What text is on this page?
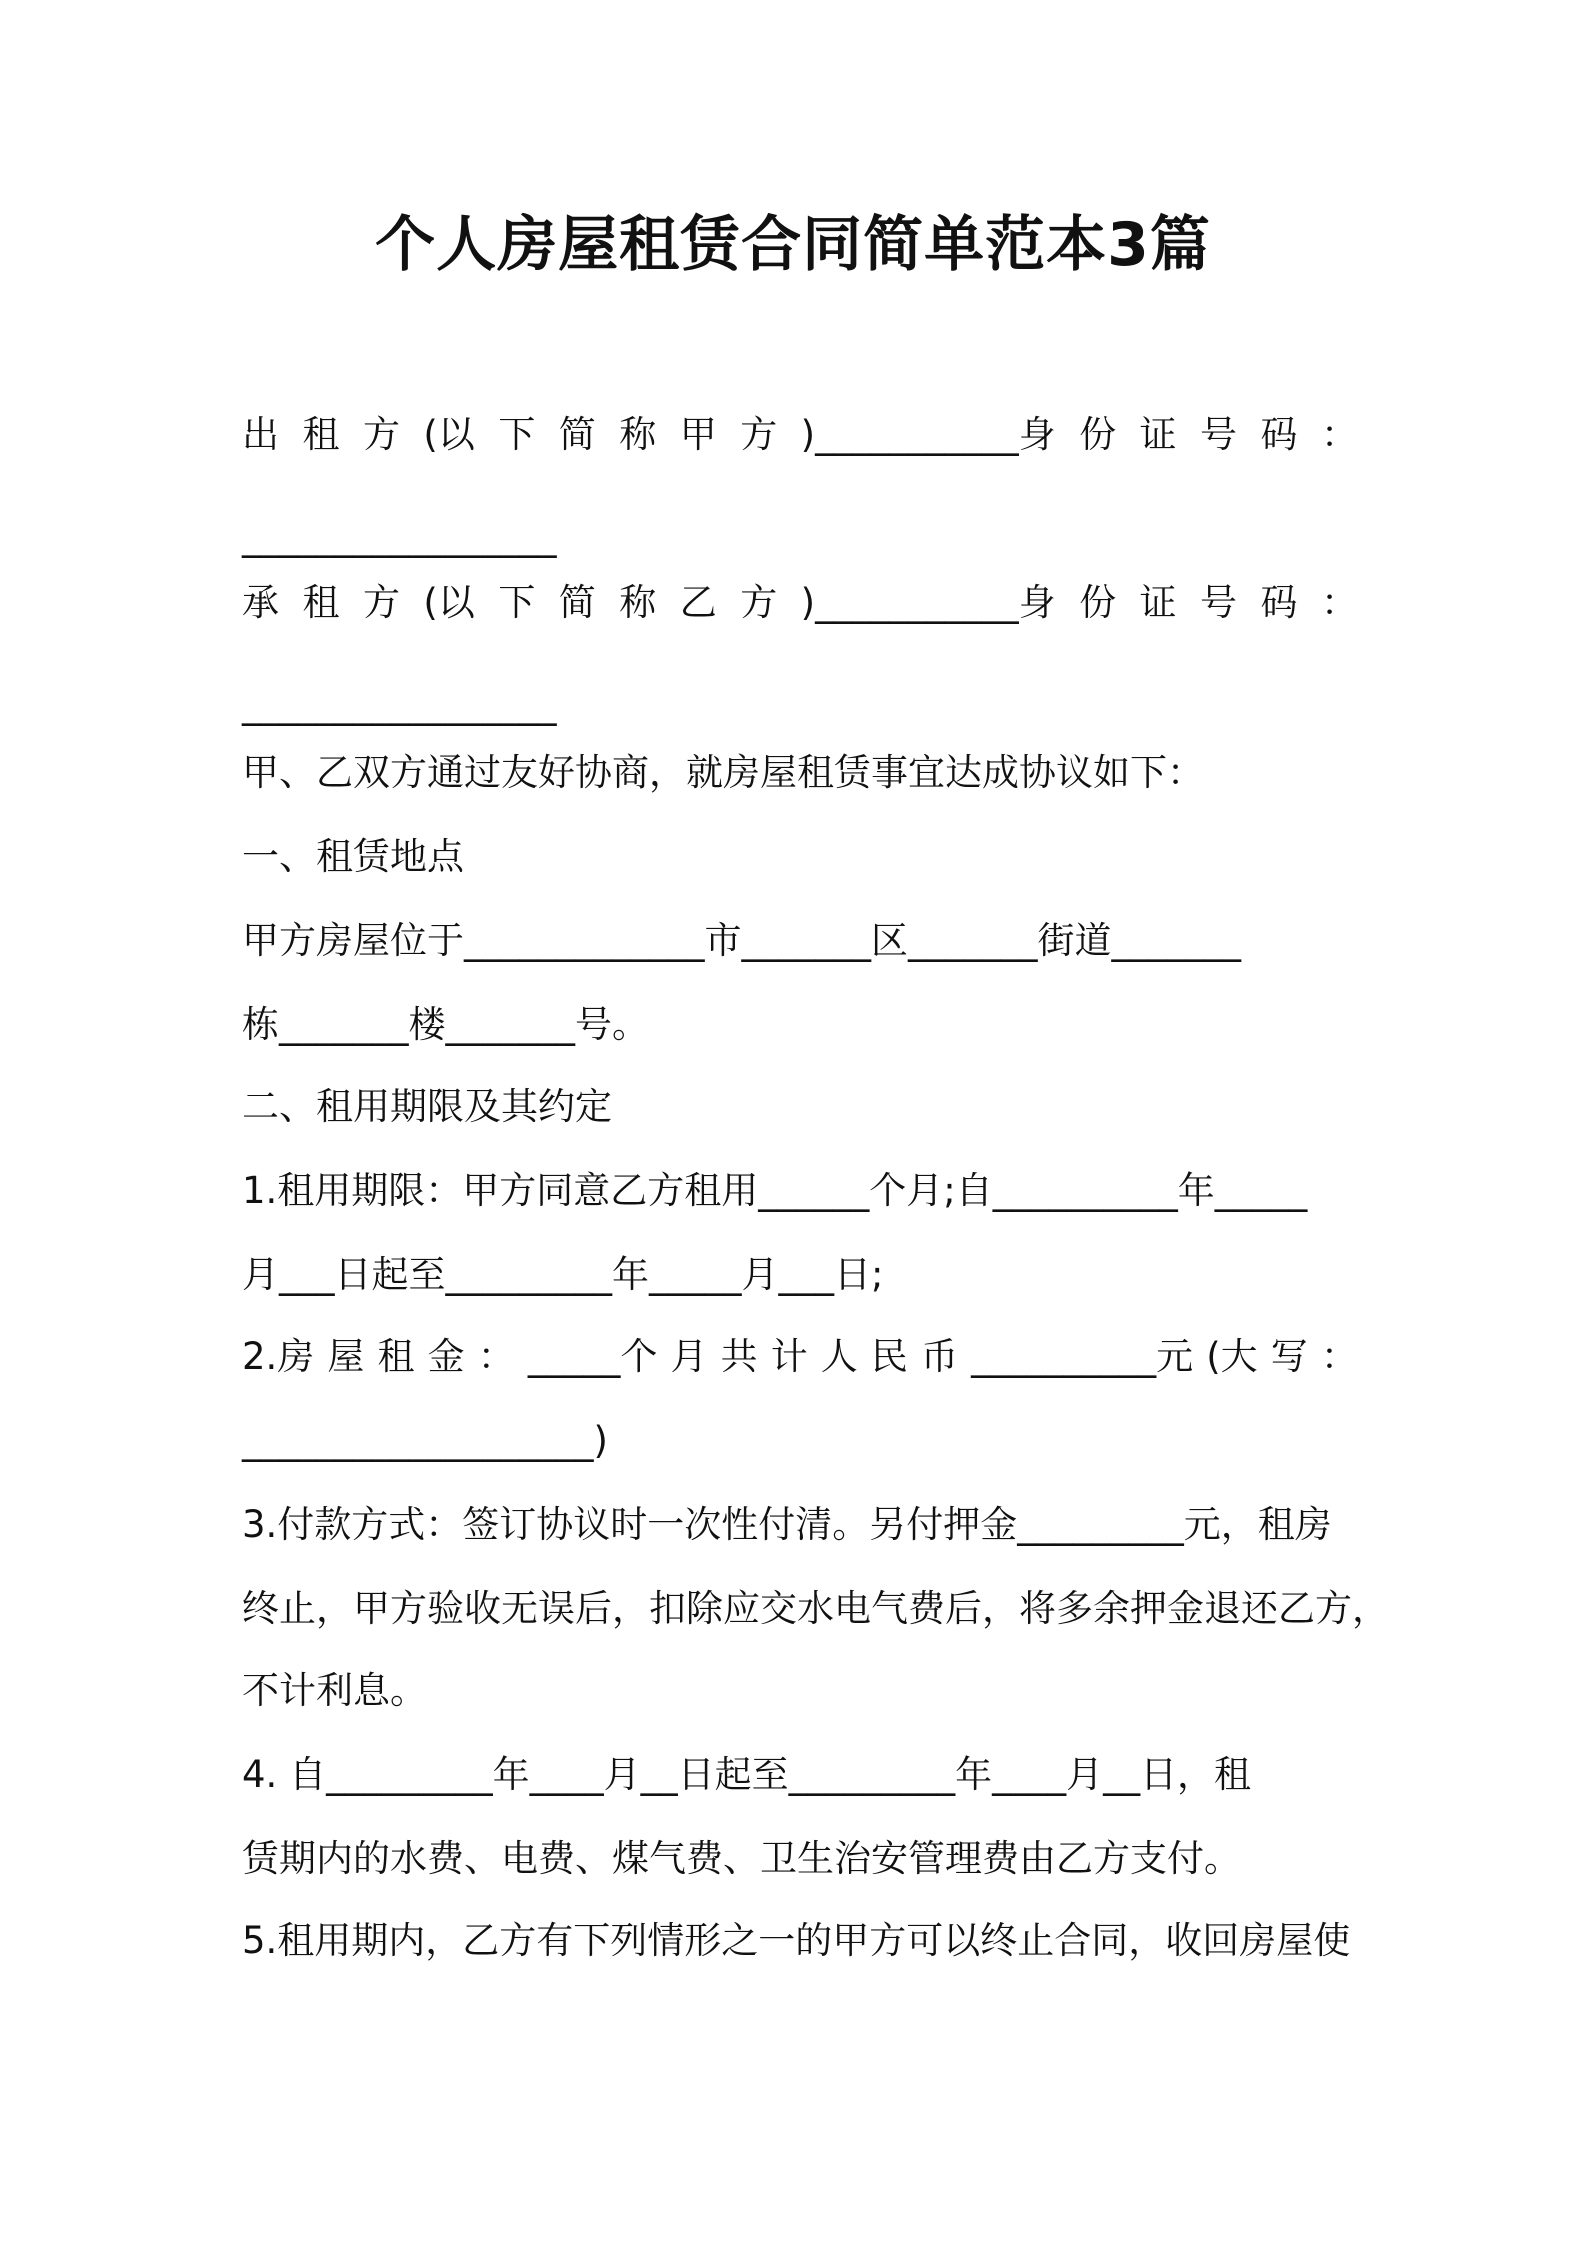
个人房屋租赁合同简单范本3篇
出 租 方 (以 下 简 称 甲 方 )___________身 份 证 号 码 ：
_________________
承 租 方 (以 下 简 称 乙 方 )___________身 份 证 号 码 ：
_________________
甲、乙双方通过友好协商，就房屋租赁事宜达成协议如下：
一、租赁地点
甲方房屋位于_____________市_______区_______街道_______
栋_______楼_______号。
二、租用期限及其约定
1.租用期限：甲方同意乙方租用______个月;自__________年_____
月___日起至_________年_____月___日;
2.房 屋 租 金 ： _____个 月 共 计 人 民 币 __________元 (大 写 ：
___________________)
3.付款方式：签订协议时一次性付清。另付押金_________元，租房
终止，甲方验收无误后，扣除应交水电气费后，将多余押金退还乙方，
不计利息。
4. 自_________年____月__日起至_________年____月__日，租
赁期内的水费、电费、煤气费、卫生治安管理费由乙方支付。
5.租用期内，乙方有下列情形之一的甲方可以终止合同，收回房屋使
